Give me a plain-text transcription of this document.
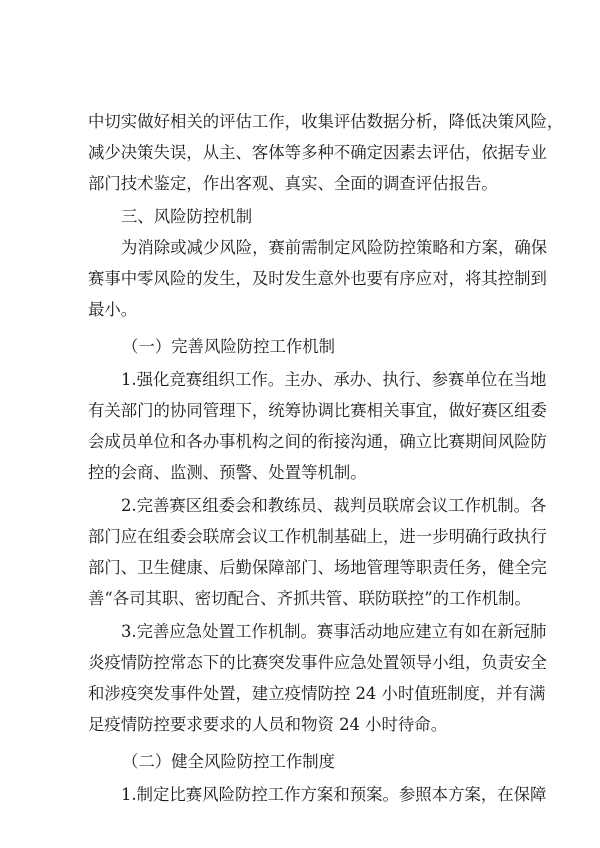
中切实做好相关的评估工作，收集评估数据分析，降低决策风险，
减少决策失误，从主、客体等多种不确定因素去评估，依据专业
部门技术鉴定，作出客观、真实、全面的调查评估报告。
三、风险防控机制
为消除或减少风险，赛前需制定风险防控策略和方案，确保
赛事中零风险的发生，及时发生意外也要有序应对，将其控制到
最小。
（一）完善风险防控工作机制
1.强化竞赛组织工作。主办、承办、执行、参赛单位在当地
有关部门的协同管理下，统筹协调比赛相关事宜，做好赛区组委
会成员单位和各办事机构之间的衔接沟通，确立比赛期间风险防
控的会商、监测、预警、处置等机制。
2.完善赛区组委会和教练员、裁判员联席会议工作机制。各
部门应在组委会联席会议工作机制基础上，进一步明确行政执行
部门、卫生健康、后勤保障部门、场地管理等职责任务，健全完
善“各司其职、密切配合、齐抓共管、联防联控”的工作机制。
3.完善应急处置工作机制。赛事活动地应建立有如在新冠肺
炎疫情防控常态下的比赛突发事件应急处置领导小组，负责安全
和涉疫突发事件处置，建立疫情防控 24 小时值班制度，并有满
足疫情防控要求要求的人员和物资 24 小时待命。
（二）健全风险防控工作制度
1.制定比赛风险防控工作方案和预案。参照本方案，在保障
